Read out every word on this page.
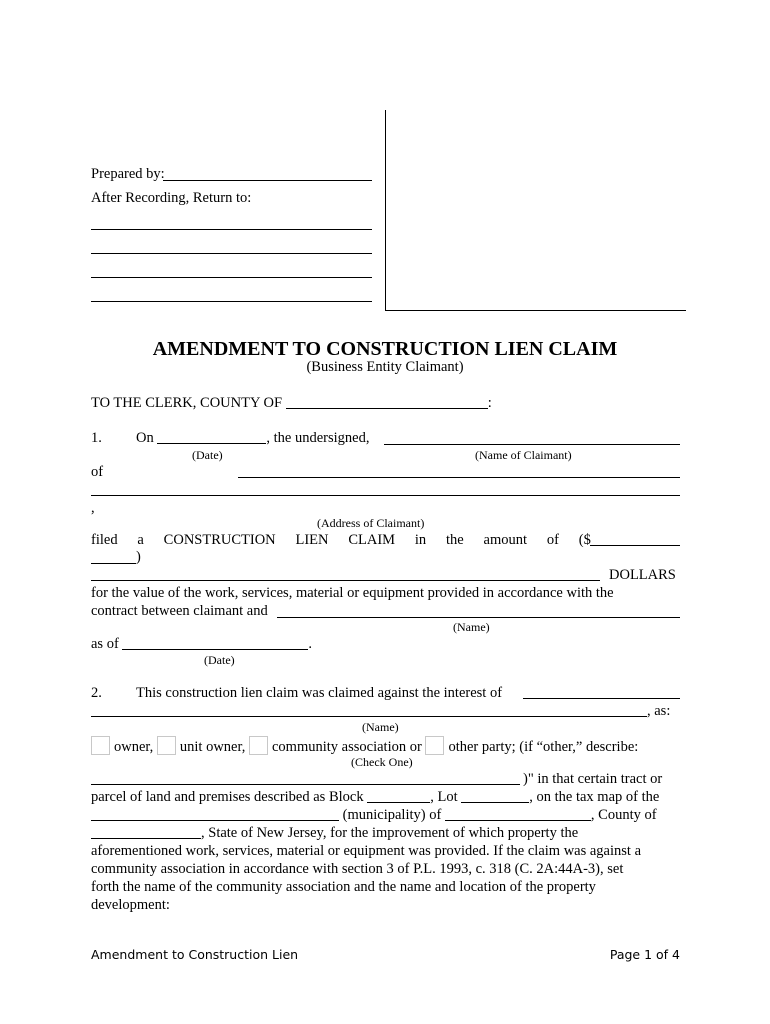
Prepared by:
After Recording, Return to:
AMENDMENT TO CONSTRUCTION LIEN CLAIM
(Business Entity Claimant)
TO THE CLERK, COUNTY OF	:
1. On	, the undersigned,
(Date)	(Name of Claimant)
of
,
(Address of Claimant)
filed a CONSTRUCTION LIEN CLAIM in the amount of ($
)
DOLLARS
for the value of the work, services, material or equipment provided in accordance with the
contract between claimant and
(Name)
as of	.
(Date)
2. This construction lien claim was claimed against the interest of
, as:
(Name)
owner, unit owner, community association or other party; (if “other,” describe:
(Check One)
)" in that certain tract or
parcel of land and premises described as Block	, Lot	, on the tax map of the
(municipality) of	, County of
, State of New Jersey, for the improvement of which property the
aforementioned work, services, material or equipment was provided. If the claim was against a
community association in accordance with section 3 of P.L. 1993, c. 318 (C. 2A:44A-3), set
forth the name of the community association and the name and location of the property
development:
Amendment to Construction Lien	Page 1 of 4
